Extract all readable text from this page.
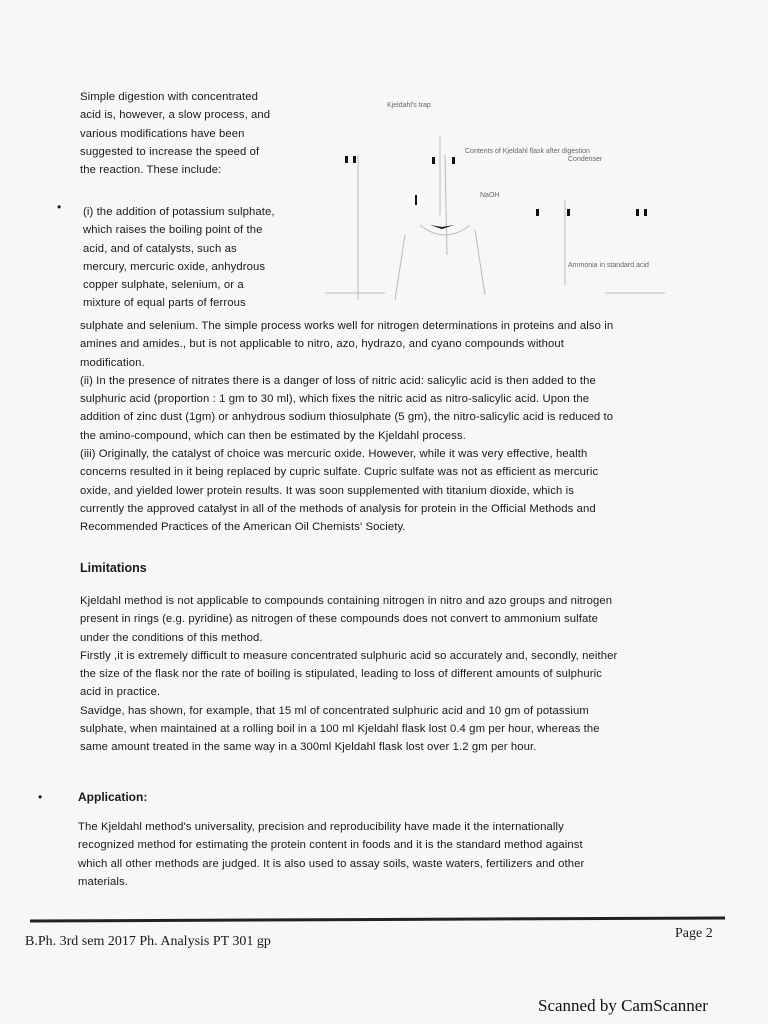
Simple digestion with concentrated
acid is, however, a slow process, and
various modifications have been
suggested to increase the speed of
the reaction. These include:
• (i) the addition of potassium sulphate,
which raises the boiling point of the
acid, and of catalysts, such as
mercury, mercuric oxide, anhydrous
copper sulphate, selenium, or a
mixture of equal parts of ferrous
Kjeldahl's trap
Contents of Kjeldahl flask after digestion
Condenser
NaOH
Ammonia in standard acid
sulphate and selenium. The simple process works well for nitrogen determinations in proteins and also in
amines and amides., but is not applicable to nitro, azo, hydrazo, and cyano compounds without
modification.
(ii) In the presence of nitrates there is a danger of loss of nitric acid: salicylic acid is then added to the
sulphuric acid (proportion : 1 gm to 30 ml), which fixes the nitric acid as nitro-salicylic acid. Upon the
addition of zinc dust (1gm) or anhydrous sodium thiosulphate (5 gm), the nitro-salicylic acid is reduced to
the amino-compound, which can then be estimated by the Kjeldahl process.
(iii) Originally, the catalyst of choice was mercuric oxide. However, while it was very effective, health
concerns resulted in it being replaced by cupric sulfate. Cupric sulfate was not as efficient as mercuric
oxide, and yielded lower protein results. It was soon supplemented with titanium dioxide, which is
currently the approved catalyst in all of the methods of analysis for protein in the Official Methods and
Recommended Practices of the American Oil Chemists' Society.
Limitations
Kjeldahl method is not applicable to compounds containing nitrogen in nitro and azo groups and nitrogen
present in rings (e.g. pyridine) as nitrogen of these compounds does not convert to ammonium sulfate
under the conditions of this method.
Firstly ,it is extremely difficult to measure concentrated sulphuric acid so accurately and, secondly, neither
the size of the flask nor the rate of boiling is stipulated, leading to loss of different amounts of sulphuric
acid in practice.
Savidge, has shown, for example, that 15 ml of concentrated sulphuric acid and 10 gm of potassium
sulphate, when maintained at a rolling boil in a 100 ml Kjeldahl flask lost 0.4 gm per hour, whereas the
same amount treated in the same way in a 300ml Kjeldahl flask lost over 1.2 gm per hour.
•	Application:
The Kjeldahl method's universality, precision and reproducibility have made it the internationally
recognized method for estimating the protein content in foods and it is the standard method against
which all other methods are judged. It is also used to assay soils, waste waters, fertilizers and other
materials.
B.Ph. 3rd sem 2017 Ph. Analysis PT 301 gp
Page 2
Scanned by CamScanner
